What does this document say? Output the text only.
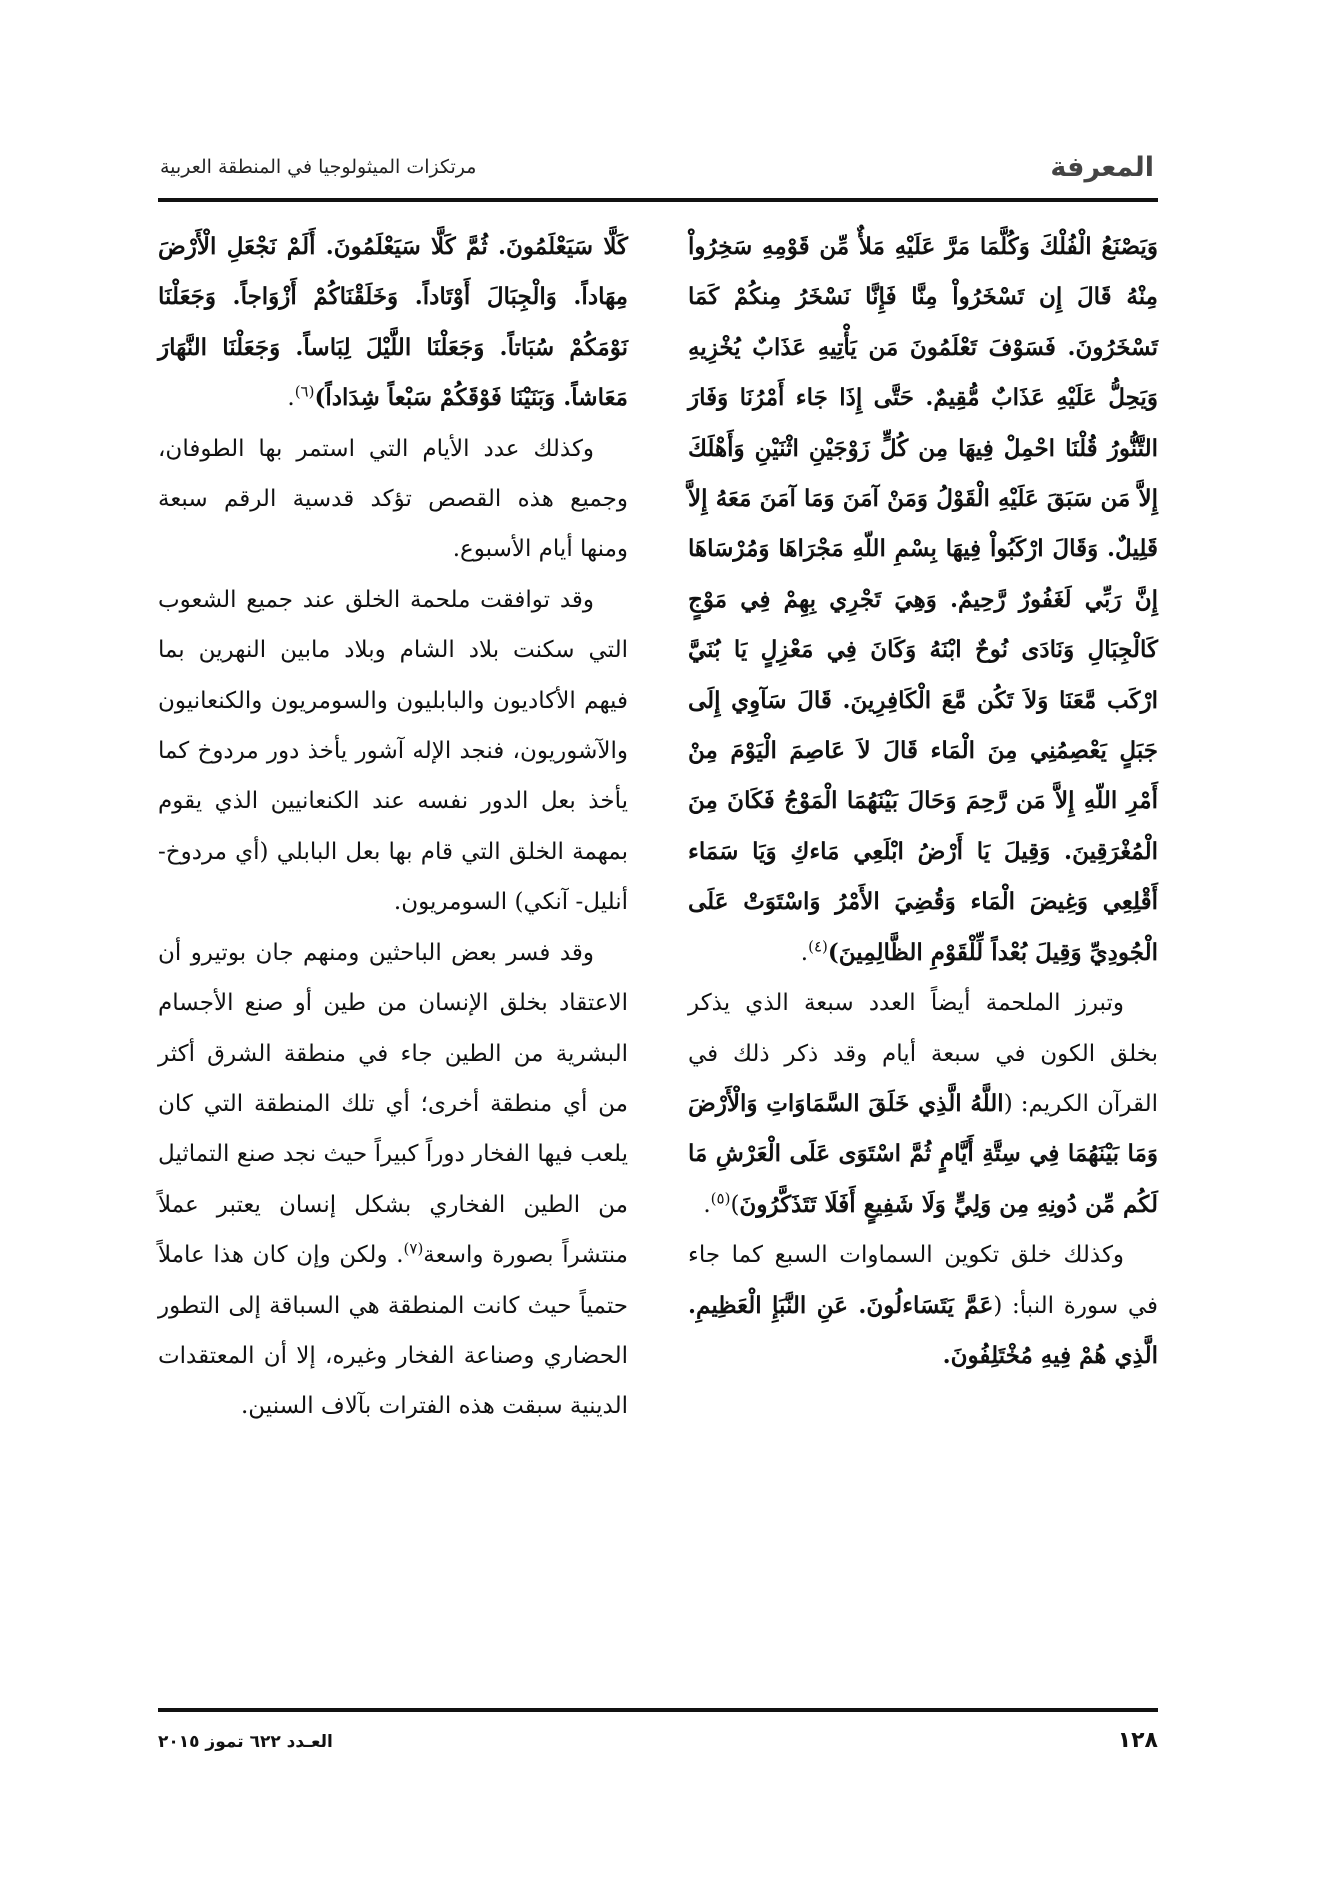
المعرفة
مرتكزات الميثولوجيا في المنطقة العربية

وَيَصْنَعُ الْفُلْكَ وَكُلَّمَا مَرَّ عَلَيْهِ مَلأٌ مِّن قَوْمِهِ سَخِرُواْ مِنْهُ قَالَ إِن تَسْخَرُواْ مِنَّا فَإِنَّا نَسْخَرُ مِنكُمْ كَمَا تَسْخَرُونَ. فَسَوْفَ تَعْلَمُونَ مَن يَأْتِيهِ عَذَابٌ يُخْزِيهِ وَيَحِلُّ عَلَيْهِ عَذَابٌ مُّقِيمٌ. حَتَّى إِذَا جَاء أَمْرُنَا وَفَارَ التَّنُّورُ قُلْنَا احْمِلْ فِيهَا مِن كُلٍّ زَوْجَيْنِ اثْنَيْنِ وَأَهْلَكَ إِلاَّ مَن سَبَقَ عَلَيْهِ الْقَوْلُ وَمَنْ آمَنَ وَمَا آمَنَ مَعَهُ إِلاَّ قَلِيلٌ. وَقَالَ ارْكَبُواْ فِيهَا بِسْمِ اللّهِ مَجْرَاهَا وَمُرْسَاهَا إِنَّ رَبِّي لَغَفُورٌ رَّحِيمٌ. وَهِيَ تَجْرِي بِهِمْ فِي مَوْجٍ كَالْجِبَالِ وَنَادَى نُوحٌ ابْنَهُ وَكَانَ فِي مَعْزِلٍ يَا بُنَيَّ ارْكَب مَّعَنَا وَلاَ تَكُن مَّعَ الْكَافِرِينَ. قَالَ سَآوِي إِلَى جَبَلٍ يَعْصِمُنِي مِنَ الْمَاء قَالَ لاَ عَاصِمَ الْيَوْمَ مِنْ أَمْرِ اللّهِ إِلاَّ مَن رَّحِمَ وَحَالَ بَيْنَهُمَا الْمَوْجُ فَكَانَ مِنَ الْمُغْرَقِينَ. وَقِيلَ يَا أَرْضُ ابْلَعِي مَاءكِ وَيَا سَمَاء أَقْلِعِي وَغِيضَ الْمَاء وَقُضِيَ الأَمْرُ وَاسْتَوَتْ عَلَى الْجُودِيِّ وَقِيلَ بُعْداً لِّلْقَوْمِ الظَّالِمِينَ)$^{(٤)}$.

وتبرز الملحمة أيضاً العدد سبعة الذي يذكر بخلق الكون في سبعة أيام وقد ذكر ذلك في القرآن الكريم: (اللَّهُ الَّذِي خَلَقَ السَّمَاوَاتِ وَالْأَرْضَ وَمَا بَيْنَهُمَا فِي سِتَّةِ أَيَّامٍ ثُمَّ اسْتَوَى عَلَى الْعَرْشِ مَا لَكُم مِّن دُونِهِ مِن وَلِيٍّ وَلَا شَفِيعٍ أَفَلَا تَتَذَكَّرُونَ)$^{(٥)}$.

وكذلك خلق تكوين السماوات السبع كما جاء في سورة النبأ: (عَمَّ يَتَسَاءلُونَ. عَنِ النَّبَإِ الْعَظِيمِ. الَّذِي هُمْ فِيهِ مُخْتَلِفُونَ.

كَلَّا سَيَعْلَمُونَ. ثُمَّ كَلَّا سَيَعْلَمُونَ. أَلَمْ نَجْعَلِ الْأَرْضَ مِهَاداً. وَالْجِبَالَ أَوْتَاداً. وَخَلَقْنَاكُمْ أَزْوَاجاً. وَجَعَلْنَا نَوْمَكُمْ سُبَاتاً. وَجَعَلْنَا اللَّيْلَ لِبَاساً. وَجَعَلْنَا النَّهَارَ مَعَاشاً. وَبَنَيْنَا فَوْقَكُمْ سَبْعاً شِدَاداً)$^{(٦)}$.

وكذلك عدد الأيام التي استمر بها الطوفان، وجميع هذه القصص تؤكد قدسية الرقم سبعة ومنها أيام الأسبوع.

وقد توافقت ملحمة الخلق عند جميع الشعوب التي سكنت بلاد الشام وبلاد مابين النهرين بما فيهم الأكاديون والبابليون والسومريون والكنعانيون والآشوريون، فنجد الإله آشور يأخذ دور مردوخ كما يأخذ بعل الدور نفسه عند الكنعانيين الذي يقوم بمهمة الخلق التي قام بها بعل البابلي (أي مردوخ- أنليل- آنكي) السومريون.

وقد فسر بعض الباحثين ومنهم جان بوتيرو أن الاعتقاد بخلق الإنسان من طين أو صنع الأجسام البشرية من الطين جاء في منطقة الشرق أكثر من أي منطقة أخرى؛ أي تلك المنطقة التي كان يلعب فيها الفخار دوراً كبيراً حيث نجد صنع التماثيل من الطين الفخاري بشكل إنسان يعتبر عملاً منتشراً بصورة واسعة$^{(٧)}$. ولكن وإن كان هذا عاملاً حتمياً حيث كانت المنطقة هي السباقة إلى التطور الحضاري وصناعة الفخار وغيره، إلا أن المعتقدات الدينية سبقت هذه الفترات بآلاف السنين.

١٢٨
العـدد ٦٢٢ تموز ٢٠١٥
